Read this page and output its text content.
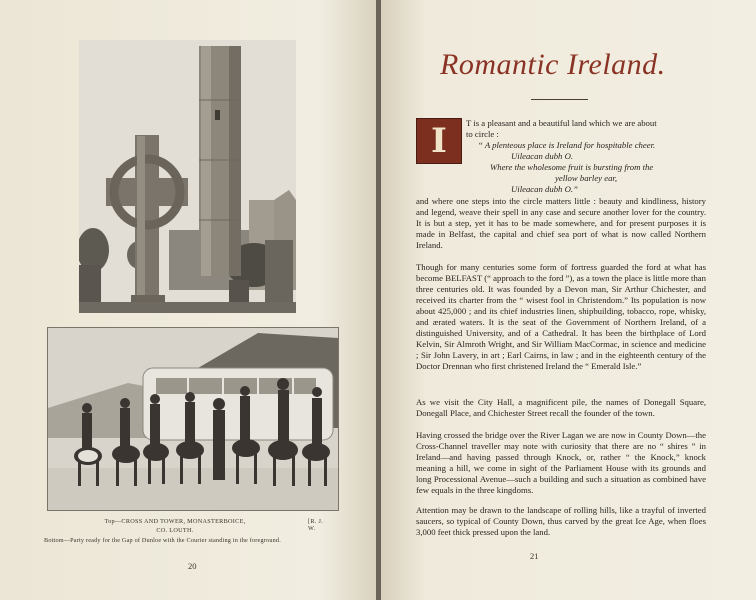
Top—CROSS AND TOWER, MONASTERBOICE,	[R. J. W.
CO. LOUTH.
Bottom—Party ready for the Gap of Dunloe with the Courier standing in the foreground.
20
Romantic Ireland.
I	T is a pleasant and a beautiful land which we are about
to circle :
“ A plenteous place is Ireland for hospitable cheer.
Uileacan dubh O.
Where the wholesome fruit is bursting from the
yellow barley ear,
Uileacan dubh O.”

and where one steps into the circle matters little : beauty and kindliness, history and legend, weave their spell in any case and secure another lover for the country. It is but a step, yet it has to be made somewhere, and for present purposes it is made in Belfast, the capital and chief sea port of what is now called Northern Ireland.

Though for many centuries some form of fortress guarded the ford at what has become BELFAST (“ approach to the ford ”), as a town the place is little more than three centuries old. It was founded by a Devon man, Sir Arthur Chichester, and received its charter from the “ wisest fool in Christendom.” Its population is now about 425,000 ; and its chief industries linen, shipbuilding, tobacco, rope, whisky, and ærated waters. It is the seat of the Government of Northern Ireland, of a distinguished University, and of a Cathedral. It has been the birthplace of Lord Kelvin, Sir Almroth Wright, and Sir William MacCormac, in science and medicine ; Sir John Lavery, in art ; Earl Cairns, in law ; and in the eighteenth century of the Doctor Drennan who first christened Ireland the “ Emerald Isle.”

As we visit the City Hall, a magnificent pile, the names of Donegall Square, Donegall Place, and Chichester Street recall the founder of the town.

Having crossed the bridge over the River Lagan we are now in County Down—the Cross-Channel traveller may note with curiosity that there are no “ shires ” in Ireland—and having passed through Knock, or, rather “ the Knock,” knock meaning a hill, we come in sight of the Parliament House with its grounds and long Processional Avenue—such a building and such a situation as combined have few equals in the three kingdoms.

Attention may be drawn to the landscape of rolling hills, like a trayful of inverted saucers, so typical of County Down, thus carved by the great Ice Age, when floes 3,000 feet thick pressed upon the land.

21
